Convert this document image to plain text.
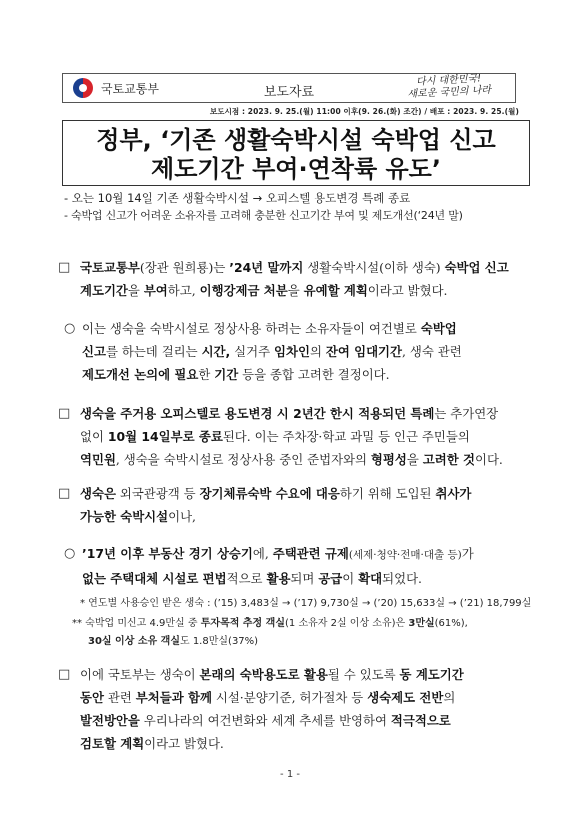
국토교통부	보도자료
다시 대한민국!
새로운 국민의 나라
보도시점 : 2023. 9. 25.(월) 11:00 이후(9. 26.(화) 조간) / 배포 : 2023. 9. 25.(월)
정부, ‘기존 생활숙박시설 숙박업 신고
제도기간 부여·연착륙 유도’
- 오는 10월 14일 기존 생활숙박시설 → 오피스텔 용도변경 특례 종료
- 숙박업 신고가 어려운 소유자를 고려해 충분한 신고기간 부여 및 제도개선(‘24년 말)
□ 국토교통부(장관 원희룡)는 ’24년 말까지 생활숙박시설(이하 생숙) 숙박업 신고
계도기간을 부여하고, 이행강제금 처분을 유예할 계획이라고 밝혔다.
○ 이는 생숙을 숙박시설로 정상사용 하려는 소유자들이 여건별로 숙박업
신고를 하는데 걸리는 시간, 실거주 임차인의 잔여 임대기간, 생숙 관련
제도개선 논의에 필요한 기간 등을 종합 고려한 결정이다.
□ 생숙을 주거용 오피스텔로 용도변경 시 2년간 한시 적용되던 특례는 추가연장
없이 10월 14일부로 종료된다. 이는 주차장·학교 과밀 등 인근 주민들의
역민원, 생숙을 숙박시설로 정상사용 중인 준법자와의 형평성을 고려한 것이다.
□ 생숙은 외국관광객 등 장기체류숙박 수요에 대응하기 위해 도입된 취사가
가능한 숙박시설이나,
○ ’17년 이후 부동산 경기 상승기에, 주택관련 규제(세제·청약·전매·대출 등)가
없는 주택대체 시설로 편법적으로 활용되며 공급이 확대되었다.
* 연도별 사용승인 받은 생숙 : (’15) 3,483실 → (’17) 9,730실 → (’20) 15,633실 → (’21) 18,799실
** 숙박업 미신고 4.9만실 중 투자목적 추정 객실(1 소유자 2실 이상 소유)은 3만실(61%),
30실 이상 소유 객실도 1.8만실(37%)
□ 이에 국토부는 생숙이 본래의 숙박용도로 활용될 수 있도록 동 계도기간
동안 관련 부처들과 함께 시설·분양기준, 허가절차 등 생숙제도 전반의
발전방안을 우리나라의 여건변화와 세계 추세를 반영하여 적극적으로
검토할 계획이라고 밝혔다.
- 1 -
